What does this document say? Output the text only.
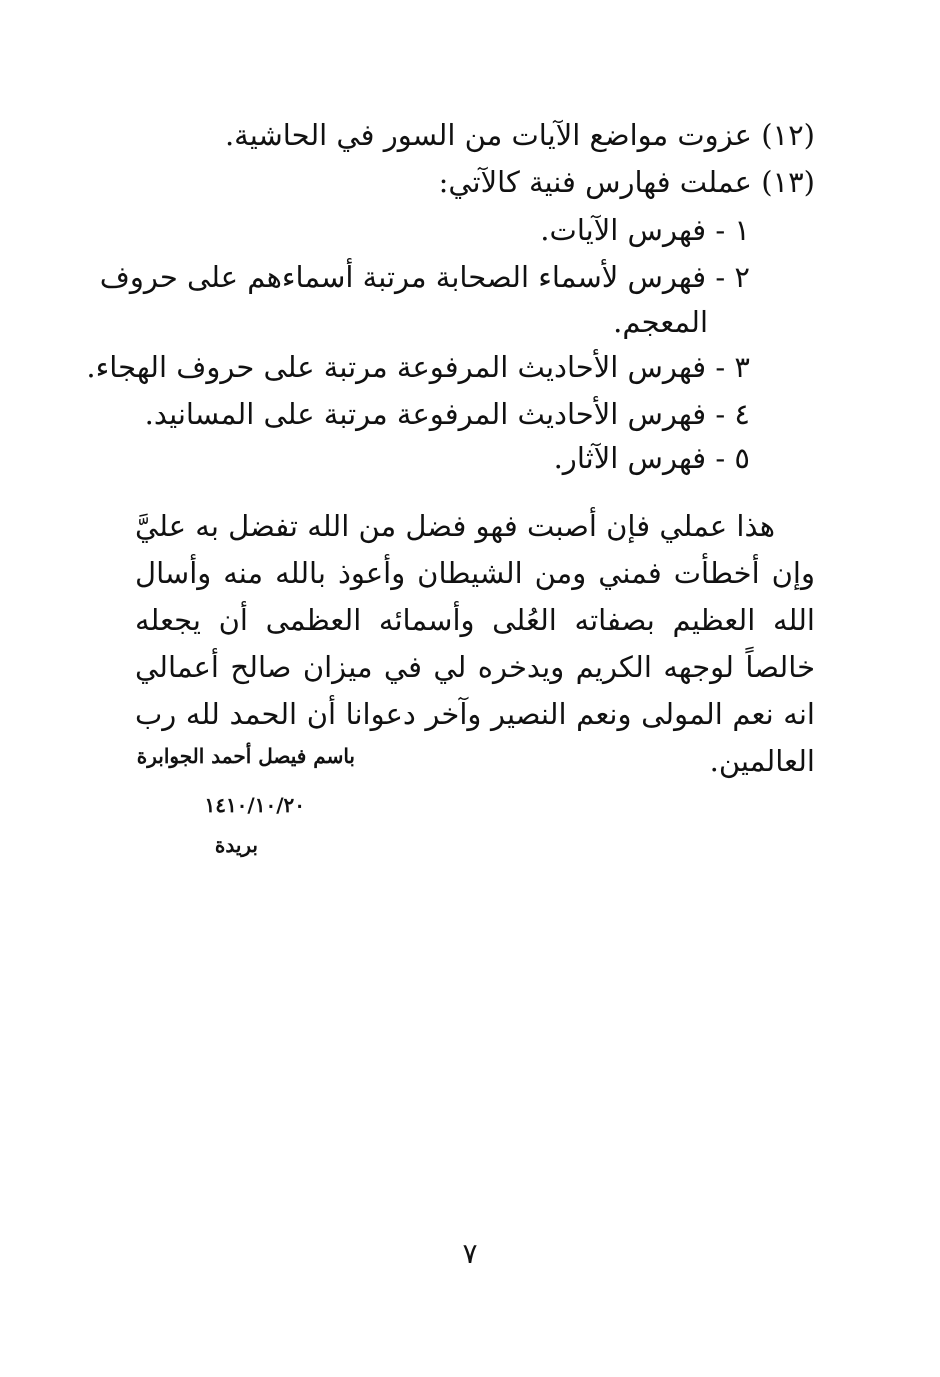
(١٢) عزوت مواضع الآيات من السور في الحاشية.
(١٣) عملت فهارس فنية كالآتي:
١ - فهرس الآيات.
٢ - فهرس لأسماء الصحابة مرتبة أسماءهم على حروف
المعجم.
٣ - فهرس الأحاديث المرفوعة مرتبة على حروف الهجاء.
٤ - فهرس الأحاديث المرفوعة مرتبة على المسانيد.
٥ - فهرس الآثار.
هذا عملي فإن أصبت فهو فضل من الله تفضل به عليَّ وإن أخطأت فمني ومن الشيطان وأعوذ بالله منه وأسال الله العظيم بصفاته العُلى وأسمائه العظمى أن يجعله خالصاً لوجهه الكريم ويدخره لي في ميزان صالح أعمالي انه نعم المولى ونعم النصير وآخر دعوانا أن الحمد لله رب العالمين.
باسم فيصل أحمد الجوابرة
١٤١٠/١٠/٢٠
بريدة
٧
